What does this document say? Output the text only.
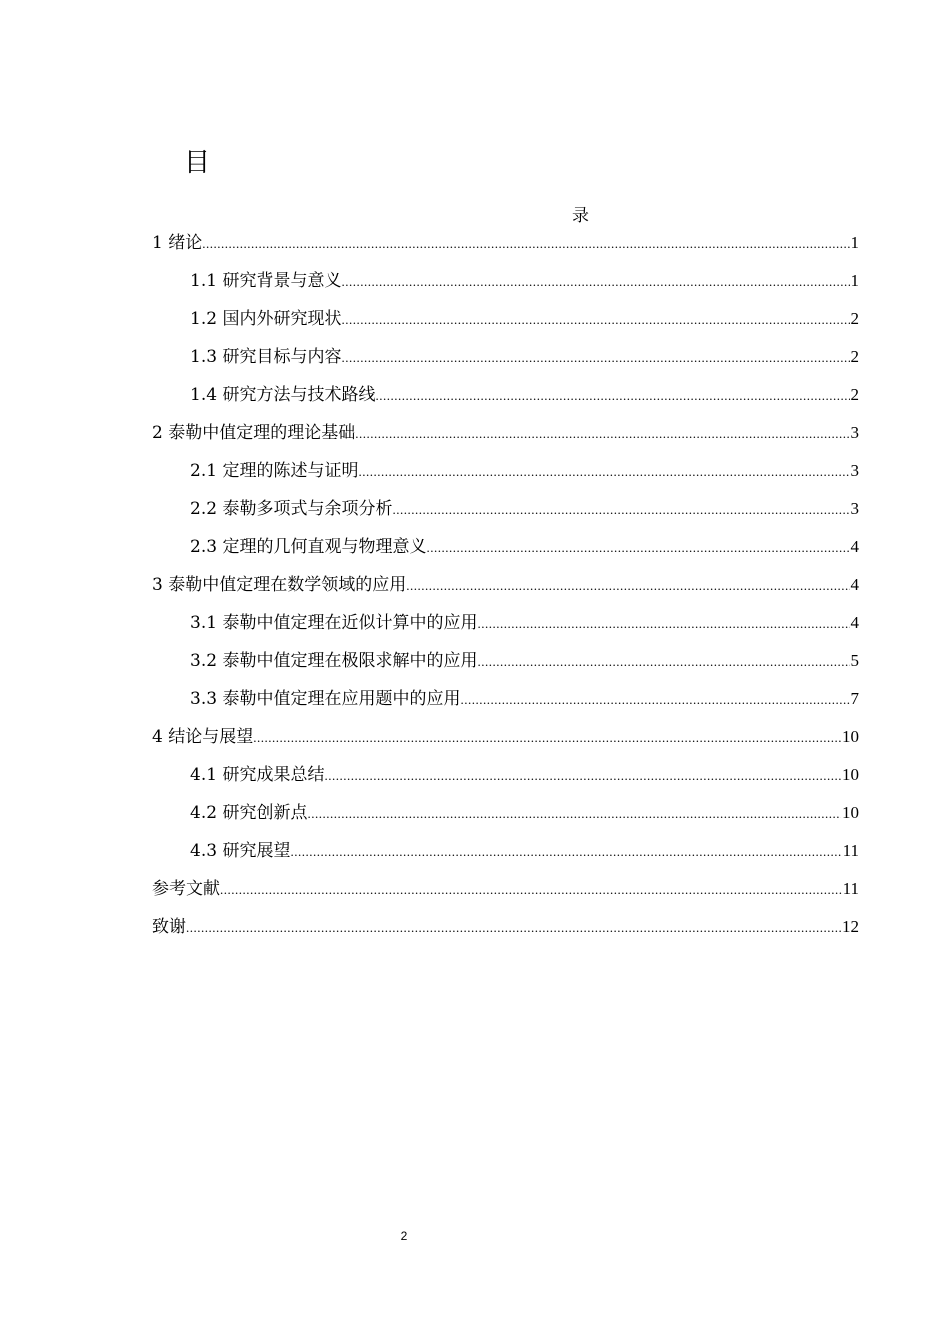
目
录
1 绪论 .....	1
1.1 研究背景与意义 .....	1
1.2 国内外研究现状 .....	2
1.3 研究目标与内容 .....	2
1.4 研究方法与技术路线 .....	2
2 泰勒中值定理的理论基础 .....	3
2.1 定理的陈述与证明 .....	3
2.2 泰勒多项式与余项分析 .....	3
2.3 定理的几何直观与物理意义 .....	4
3 泰勒中值定理在数学领域的应用 .....	4
3.1 泰勒中值定理在近似计算中的应用 .....	4
3.2 泰勒中值定理在极限求解中的应用 .....	5
3.3 泰勒中值定理在应用题中的应用 .....	7
4 结论与展望 .....	10
4.1 研究成果总结 .....	10
4.2 研究创新点 .....	10
4.3 研究展望 .....	11
参考文献 .....	11
致谢 .....	12
2
